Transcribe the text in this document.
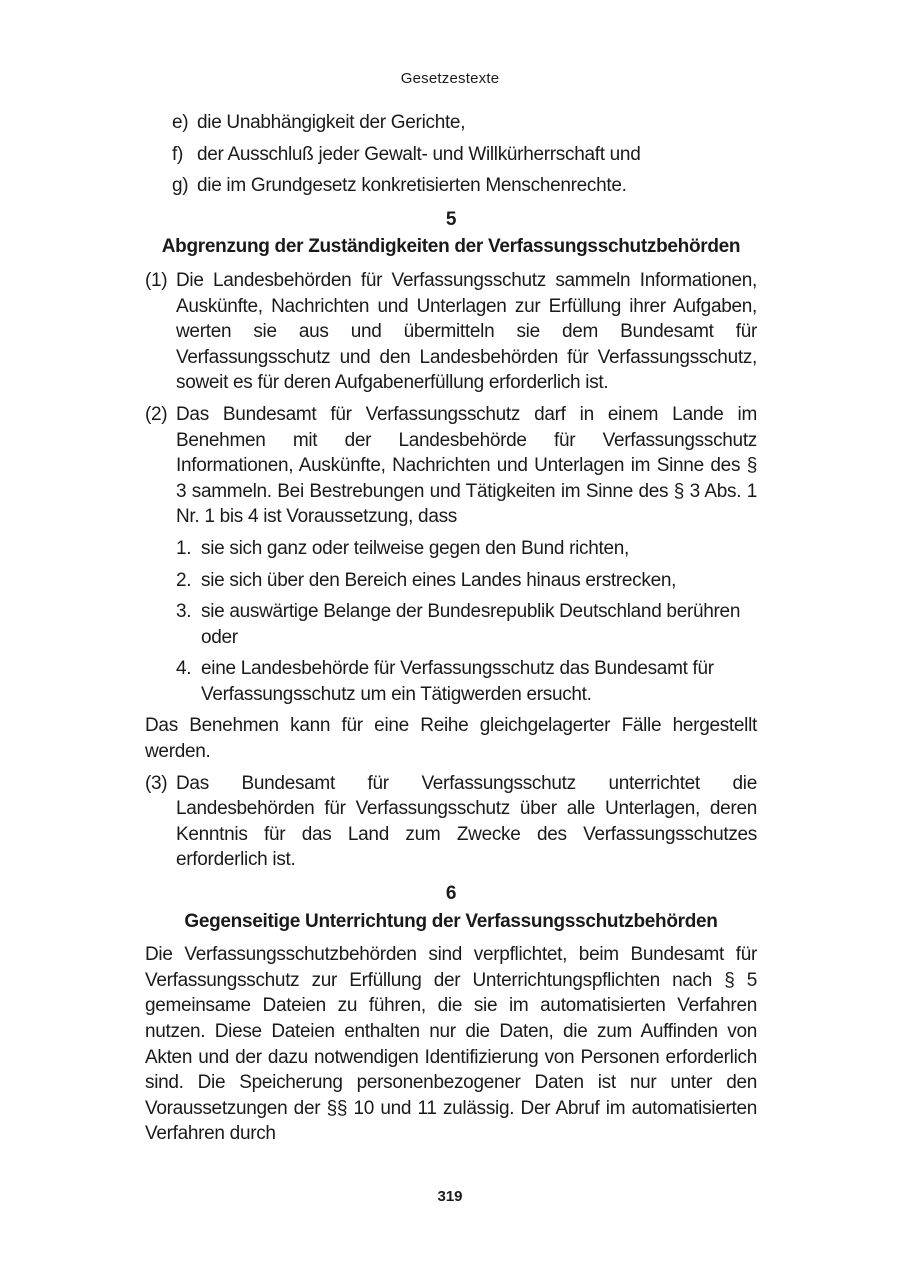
Gesetzestexte
e) die Unabhängigkeit der Gerichte,
f) der Ausschluß jeder Gewalt- und Willkürherrschaft und
g) die im Grundgesetz konkretisierten Menschenrechte.
5
Abgrenzung der Zuständigkeiten der Verfassungsschutzbehörden
(1) Die Landesbehörden für Verfassungsschutz sammeln Informationen, Auskünfte, Nachrichten und Unterlagen zur Erfüllung ihrer Aufgaben, werten sie aus und übermitteln sie dem Bundesamt für Verfassungsschutz und den Landesbehörden für Verfassungsschutz, soweit es für deren Aufgabenerfüllung erforderlich ist.
(2) Das Bundesamt für Verfassungsschutz darf in einem Lande im Benehmen mit der Landesbehörde für Verfassungsschutz Informationen, Auskünfte, Nachrichten und Unterlagen im Sinne des § 3 sammeln. Bei Bestrebungen und Tätigkeiten im Sinne des § 3 Abs. 1 Nr. 1 bis 4 ist Voraussetzung, dass
1. sie sich ganz oder teilweise gegen den Bund richten,
2. sie sich über den Bereich eines Landes hinaus erstrecken,
3. sie auswärtige Belange der Bundesrepublik Deutschland berühren oder
4. eine Landesbehörde für Verfassungsschutz das Bundesamt für Verfassungsschutz um ein Tätigwerden ersucht.
Das Benehmen kann für eine Reihe gleichgelagerter Fälle hergestellt werden.
(3) Das Bundesamt für Verfassungsschutz unterrichtet die Landesbehörden für Verfassungsschutz über alle Unterlagen, deren Kenntnis für das Land zum Zwecke des Verfassungsschutzes erforderlich ist.
6
Gegenseitige Unterrichtung der Verfassungsschutzbehörden
Die Verfassungsschutzbehörden sind verpflichtet, beim Bundesamt für Verfassungsschutz zur Erfüllung der Unterrichtungspflichten nach § 5 gemeinsame Dateien zu führen, die sie im automatisierten Verfahren nutzen. Diese Dateien enthalten nur die Daten, die zum Auffinden von Akten und der dazu notwendigen Identifizierung von Personen erforderlich sind. Die Speicherung personenbezogener Daten ist nur unter den Voraussetzungen der §§ 10 und 11 zulässig. Der Abruf im automatisierten Verfahren durch
319
